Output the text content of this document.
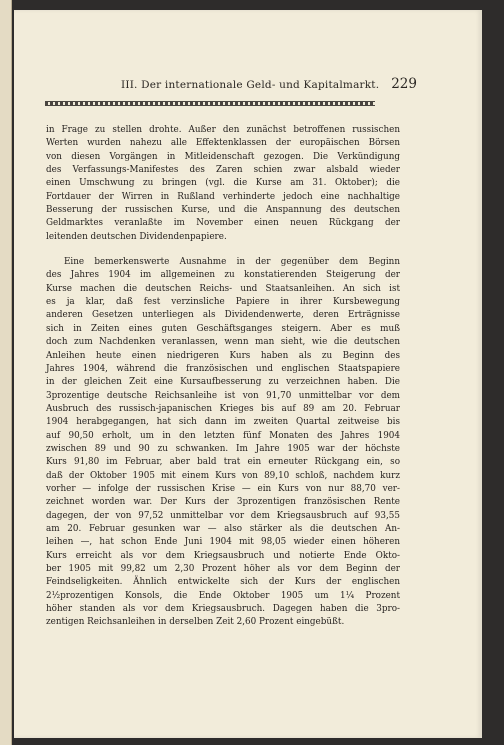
III. Der internationale Geld- und Kapitalmarkt. 229
in Frage zu stellen drohte. Außer den zunächst betroffenen russischen
Werten wurden nahezu alle Effektenklassen der europäischen Börsen
von diesen Vorgängen in Mitleidenschaft gezogen. Die Verkündigung
des Verfassungs-Manifestes des Zaren schien zwar alsbald wieder
einen Umschwung zu bringen (vgl. die Kurse am 31. Oktober); die
Fortdauer der Wirren in Rußland verhinderte jedoch eine nachhaltige
Besserung der russischen Kurse, und die Anspannung des deutschen
Geldmarktes veranlaßte im November einen neuen Rückgang der
leitenden deutschen Dividendenpapiere.
Eine bemerkenswerte Ausnahme in der gegenüber dem Beginn
des Jahres 1904 im allgemeinen zu konstatierenden Steigerung der
Kurse machen die deutschen Reichs- und Staatsanleihen. An sich ist
es ja klar, daß fest verzinsliche Papiere in ihrer Kursbewegung
anderen Gesetzen unterliegen als Dividendenwerte, deren Erträgnisse
sich in Zeiten eines guten Geschäftsganges steigern. Aber es muß
doch zum Nachdenken veranlassen, wenn man sieht, wie die deutschen
Anleihen heute einen niedrigeren Kurs haben als zu Beginn des
Jahres 1904, während die französischen und englischen Staatspapiere
in der gleichen Zeit eine Kursaufbesserung zu verzeichnen haben. Die
3prozentige deutsche Reichsanleihe ist von 91,70 unmittelbar vor dem
Ausbruch des russisch-japanischen Krieges bis auf 89 am 20. Februar
1904 herabgegangen, hat sich dann im zweiten Quartal zeitweise bis
auf 90,50 erholt, um in den letzten fünf Monaten des Jahres 1904
zwischen 89 und 90 zu schwanken. Im Jahre 1905 war der höchste
Kurs 91,80 im Februar, aber bald trat ein erneuter Rückgang ein, so
daß der Oktober 1905 mit einem Kurs von 89,10 schloß, nachdem kurz
vorher — infolge der russischen Krise — ein Kurs von nur 88,70 ver-
zeichnet worden war. Der Kurs der 3prozentigen französischen Rente
dagegen, der von 97,52 unmittelbar vor dem Kriegsausbruch auf 93,55
am 20. Februar gesunken war — also stärker als die deutschen An-
leihen —, hat schon Ende Juni 1904 mit 98,05 wieder einen höheren
Kurs erreicht als vor dem Kriegsausbruch und notierte Ende Okto-
ber 1905 mit 99,82 um 2,30 Prozent höher als vor dem Beginn der
Feindseligkeiten. Ähnlich entwickelte sich der Kurs der englischen
2½prozentigen Konsols, die Ende Oktober 1905 um 1¼ Prozent
höher standen als vor dem Kriegsausbruch. Dagegen haben die 3pro-
zentigen Reichsanleihen in derselben Zeit 2,60 Prozent eingebüßt.
